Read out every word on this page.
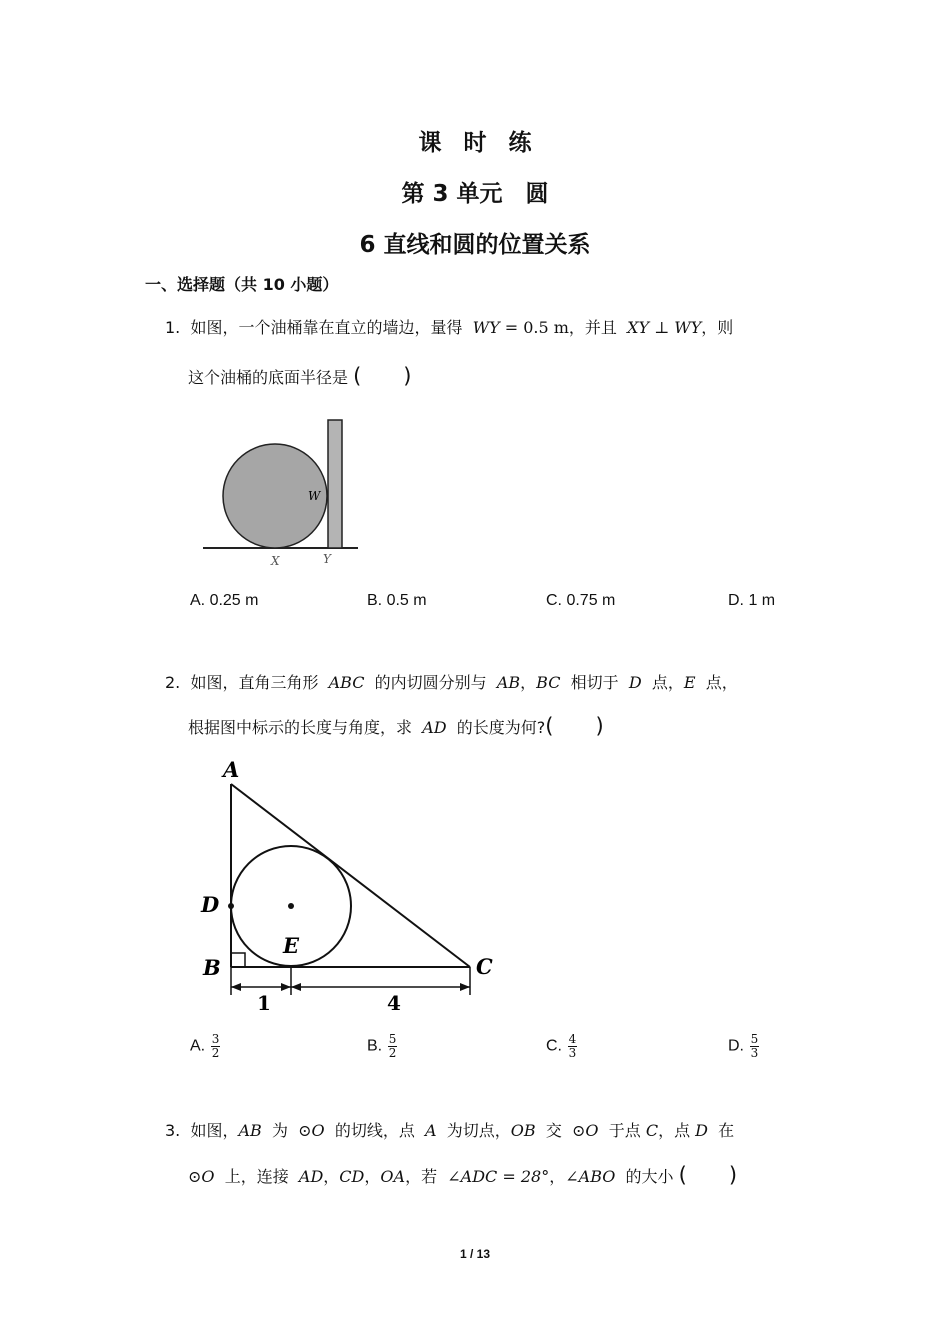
课时练
第 3 单元　圆
6 直线和圆的位置关系
一、选择题（共 10 小题）
1. 如图，一个油桶靠在直立的墙边，量得 WY = 0.5 m，并且 XY ⊥ WY，则
这个油桶的底面半径是 (　　)
W
X	Y
A. 0.25 m	B. 0.5 m	C. 0.75 m	D. 1 m
2. 如图，直角三角形 ABC 的内切圆分别与 AB，BC 相切于 D 点，E 点，
根据图中标示的长度与角度，求 AD 的长度为何?(　　)
A
D
E
B	C
1	4
A. $\frac{3}{2}$	B. $\frac{5}{2}$	C. $\frac{4}{3}$	D. $\frac{5}{3}$
3. 如图，AB 为 ⊙O 的切线，点 A 为切点，OB 交 ⊙O 于点 C，点 D 在
⊙O 上，连接 AD，CD，OA，若 ∠ADC = 28°，∠ABO 的大小 (　　)
1 / 13
